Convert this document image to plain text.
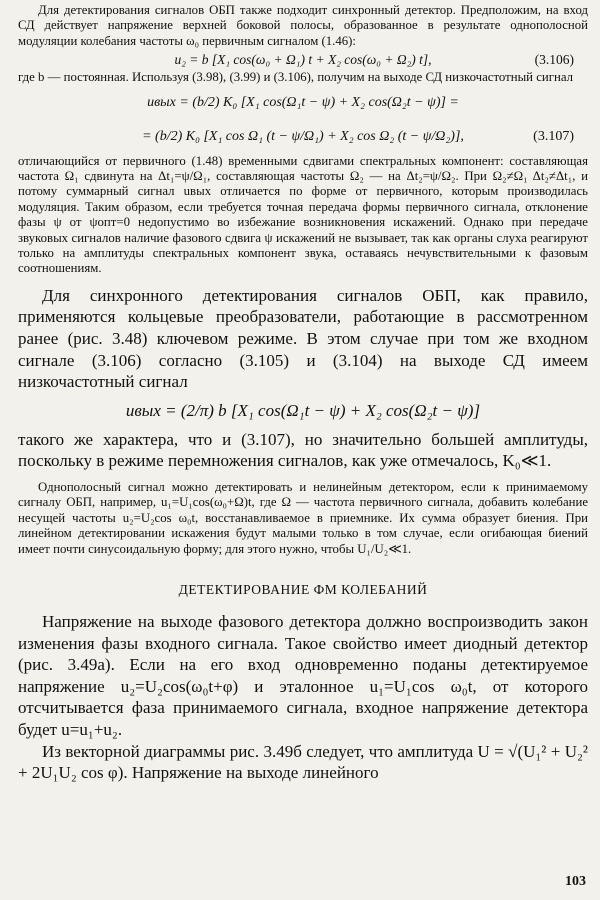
Для детектирования сигналов ОБП также подходит синхронный детектор. Предположим, на вход СД действует напряжение верхней боковой полосы, образованное в результате однополосной модуляции колебания частоты ω₀ первичным сигналом (1.46):

u₂ = b [X₁ cos(ω₀ + Ω₁) t + X₂ cos(ω₀ + Ω₂) t],	(3.106)

где b — постоянная. Используя (3.98), (3.99) и (3.106), получим на выходе СД низкочастотный сигнал

uвых = (b/2) K₀ [X₁ cos(Ω₁t − ψ) + X₂ cos(Ω₂t − ψ)] =
= (b/2) K₀ [X₁ cos Ω₁ (t − ψ/Ω₁) + X₂ cos Ω₂ (t − ψ/Ω₂)],	(3.107)

отличающийся от первичного (1.48) временными сдвигами спектральных компонент: составляющая частота Ω₁ сдвинута на Δt₁=ψ/Ω₁, составляющая частоты Ω₂ — на Δt₂=ψ/Ω₂. При Ω₂≠Ω₁ Δt₂≠Δt₁, и потому суммарный сигнал uвых отличается по форме от первичного, которым производилась модуляция. Таким образом, если требуется точная передача формы первичного сигнала, отклонение фазы ψ от ψопт=0 недопустимо во избежание возникновения искажений. Однако при передаче звуковых сигналов наличие фазового сдвига ψ искажений не вызывает, так как органы слуха реагируют только на амплитуды спектральных компонент звука, оставаясь нечувствительными к фазовым соотношениям.

Для синхронного детектирования сигналов ОБП, как правило, применяются кольцевые преобразователи, работающие в рассмотренном ранее (рис. 3.48) ключевом режиме. В этом случае при том же входном сигнале (3.106) согласно (3.105) и (3.104) на выходе СД имеем низкочастотный сигнал

uвых = (2/π) b [X₁ cos(Ω₁t − ψ) + X₂ cos(Ω₂t − ψ)]

такого же характера, что и (3.107), но значительно большей амплитуды, поскольку в режиме перемножения сигналов, как уже отмечалось, K₀≪1.

Однополосный сигнал можно детектировать и нелинейным детектором, если к принимаемому сигналу ОБП, например, u₁=U₁cos(ω₀+Ω)t, где Ω — частота первичного сигнала, добавить колебание несущей частоты u₂=U₂cos ω₀t, восстанавливаемое в приемнике. Их сумма образует биения. При линейном детектировании искажения будут малыми только в том случае, если огибающая биений имеет почти синусоидальную форму; для этого нужно, чтобы U₁/U₂≪1.

ДЕТЕКТИРОВАНИЕ ФМ КОЛЕБАНИЙ

Напряжение на выходе фазового детектора должно воспроизводить закон изменения фазы входного сигнала. Такое свойство имеет диодный детектор (рис. 3.49а). Если на его вход одновременно поданы детектируемое напряжение u₂=U₂cos(ω₀t+φ) и эталонное u₁=U₁cos ω₀t, от которого отсчитывается фаза принимаемого сигнала, входное напряжение детектора будет u=u₁+u₂.

Из векторной диаграммы рис. 3.49б следует, что амплитуда U = √(U₁² + U₂² + 2U₁U₂ cos φ). Напряжение на выходе линейного

103
